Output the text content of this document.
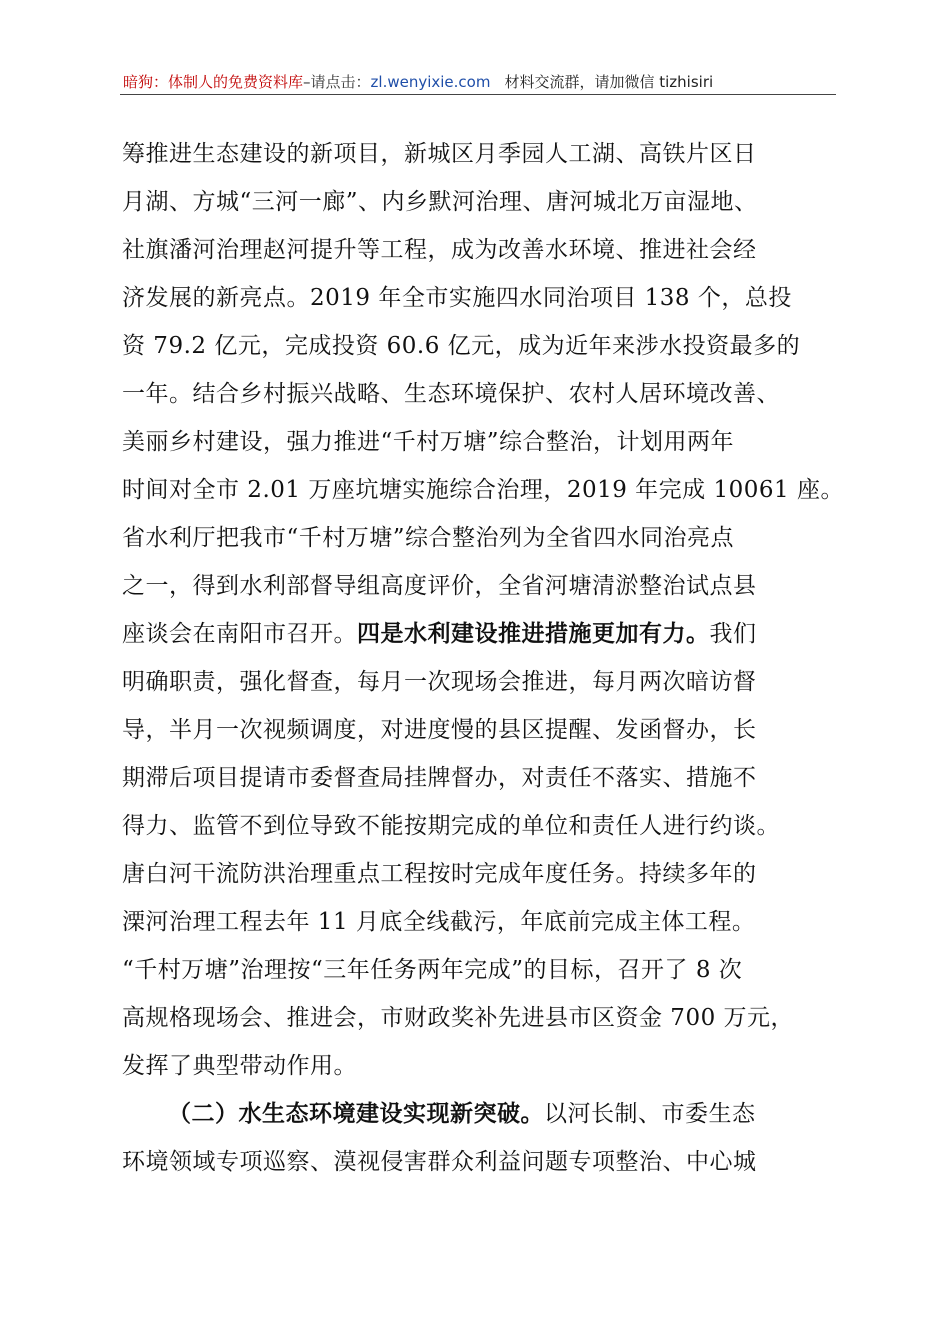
暗狗：体制人的免费资料库–请点击：zl.wenyixie.com 材料交流群，请加微信 tizhisiri
筹推进生态建设的新项目，新城区月季园人工湖、高铁片区日
月湖、方城“三河一廊”、内乡默河治理、唐河城北万亩湿地、
社旗潘河治理赵河提升等工程，成为改善水环境、推进社会经
济发展的新亮点。2019 年全市实施四水同治项目 138 个，总投
资 79.2 亿元，完成投资 60.6 亿元，成为近年来涉水投资最多的
一年。结合乡村振兴战略、生态环境保护、农村人居环境改善、
美丽乡村建设，强力推进“千村万塘”综合整治，计划用两年
时间对全市 2.01 万座坑塘实施综合治理，2019 年完成 10061 座。
省水利厅把我市“千村万塘”综合整治列为全省四水同治亮点
之一，得到水利部督导组高度评价，全省河塘清淤整治试点县
座谈会在南阳市召开。四是水利建设推进措施更加有力。我们
明确职责，强化督查，每月一次现场会推进，每月两次暗访督
导，半月一次视频调度，对进度慢的县区提醒、发函督办，长
期滞后项目提请市委督查局挂牌督办，对责任不落实、措施不
得力、监管不到位导致不能按期完成的单位和责任人进行约谈。
唐白河干流防洪治理重点工程按时完成年度任务。持续多年的
溧河治理工程去年 11 月底全线截污，年底前完成主体工程。
“千村万塘”治理按“三年任务两年完成”的目标，召开了 8 次
高规格现场会、推进会，市财政奖补先进县市区资金 700 万元，
发挥了典型带动作用。
（二）水生态环境建设实现新突破。以河长制、市委生态
环境领域专项巡察、漠视侵害群众利益问题专项整治、中心城
